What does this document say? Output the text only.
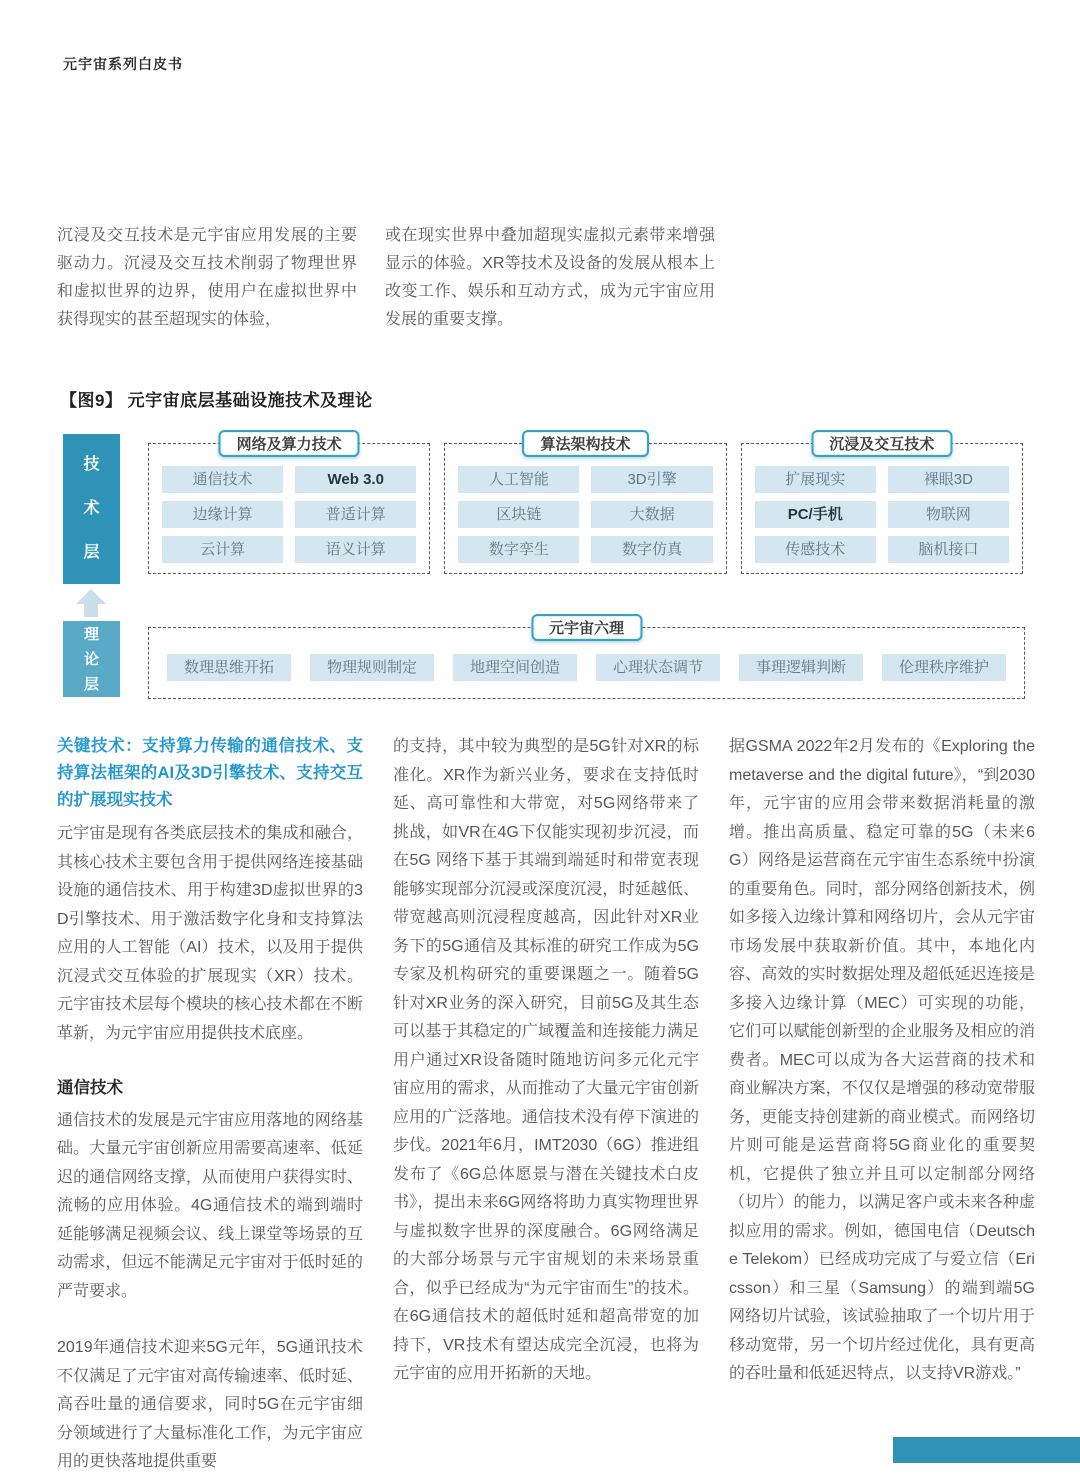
元宇宙系列白皮书
沉浸及交互技术是元宇宙应用发展的主要驱动力。沉浸及交互技术削弱了物理世界和虚拟世界的边界，使用户在虚拟世界中获得现实的甚至超现实的体验，
或在现实世界中叠加超现实虚拟元素带来增强显示的体验。XR等技术及设备的发展从根本上改变工作、娱乐和互动方式，成为元宇宙应用发展的重要支撑。
【图9】 元宇宙底层基础设施技术及理论
技术层
理论层
网络及算力技术
通信技术	Web 3.0
边缘计算	普适计算
云计算	语义计算
算法架构技术
人工智能	3D引擎
区块链	大数据
数字孪生	数字仿真
沉浸及交互技术
扩展现实	裸眼3D
PC/手机	物联网
传感技术	脑机接口
元宇宙六理
数理思维开拓	物理规则制定	地理空间创造	心理状态调节	事理逻辑判断	伦理秩序维护
关键技术：支持算力传输的通信技术、支持算法框架的AI及3D引擎技术、支持交互的扩展现实技术

元宇宙是现有各类底层技术的集成和融合，其核心技术主要包含用于提供网络连接基础设施的通信技术、用于构建3D虚拟世界的3D引擎技术、用于激活数字化身和支持算法应用的人工智能（AI）技术，以及用于提供沉浸式交互体验的扩展现实（XR）技术。元宇宙技术层每个模块的核心技术都在不断革新，为元宇宙应用提供技术底座。

通信技术

通信技术的发展是元宇宙应用落地的网络基础。大量元宇宙创新应用需要高速率、低延迟的通信网络支撑，从而使用户获得实时、流畅的应用体验。4G通信技术的端到端时延能够满足视频会议、线上课堂等场景的互动需求，但远不能满足元宇宙对于低时延的严苛要求。

2019年通信技术迎来5G元年，5G通讯技术不仅满足了元宇宙对高传输速率、低时延、高吞吐量的通信要求，同时5G在元宇宙细分领域进行了大量标准化工作，为元宇宙应用的更快落地提供重要

的支持，其中较为典型的是5G针对XR的标准化。XR作为新兴业务，要求在支持低时延、高可靠性和大带宽，对5G网络带来了挑战，如VR在4G下仅能实现初步沉浸，而在5G 网络下基于其端到端延时和带宽表现能够实现部分沉浸或深度沉浸，时延越低、带宽越高则沉浸程度越高，因此针对XR业务下的5G通信及其标准的研究工作成为5G专家及机构研究的重要课题之一。随着5G针对XR业务的深入研究，目前5G及其生态可以基于其稳定的广域覆盖和连接能力满足用户通过XR设备随时随地访问多元化元宇宙应用的需求，从而推动了大量元宇宙创新应用的广泛落地。通信技术没有停下演进的步伐。2021年6月，IMT2030（6G）推进组发布了《6G总体愿景与潜在关键技术白皮书》，提出未来6G网络将助力真实物理世界与虚拟数字世界的深度融合。6G网络满足的大部分场景与元宇宙规划的未来场景重合，似乎已经成为“为元宇宙而生”的技术。在6G通信技术的超低时延和超高带宽的加持下，VR技术有望达成完全沉浸，也将为元宇宙的应用开拓新的天地。

据GSMA 2022年2月发布的《Exploring the metaverse and the digital future》，“到2030年，元宇宙的应用会带来数据消耗量的激增。推出高质量、稳定可靠的5G（未来6G）网络是运营商在元宇宙生态系统中扮演的重要角色。同时，部分网络创新技术，例如多接入边缘计算和网络切片，会从元宇宙市场发展中获取新价值。其中，本地化内容、高效的实时数据处理及超低延迟连接是多接入边缘计算（MEC）可实现的功能，它们可以赋能创新型的企业服务及相应的消费者。MEC可以成为各大运营商的技术和商业解决方案，不仅仅是增强的移动宽带服务，更能支持创建新的商业模式。而网络切片则可能是运营商将5G商业化的重要契机，它提供了独立并且可以定制部分网络（切片）的能力，以满足客户或未来各种虚拟应用的需求。例如，德国电信（Deutsche Telekom）已经成功完成了与爱立信（Ericsson）和三星（Samsung）的端到端5G网络切片试验，该试验抽取了一个切片用于移动宽带，另一个切片经过优化，具有更高的吞吐量和低延迟特点，以支持VR游戏。”
